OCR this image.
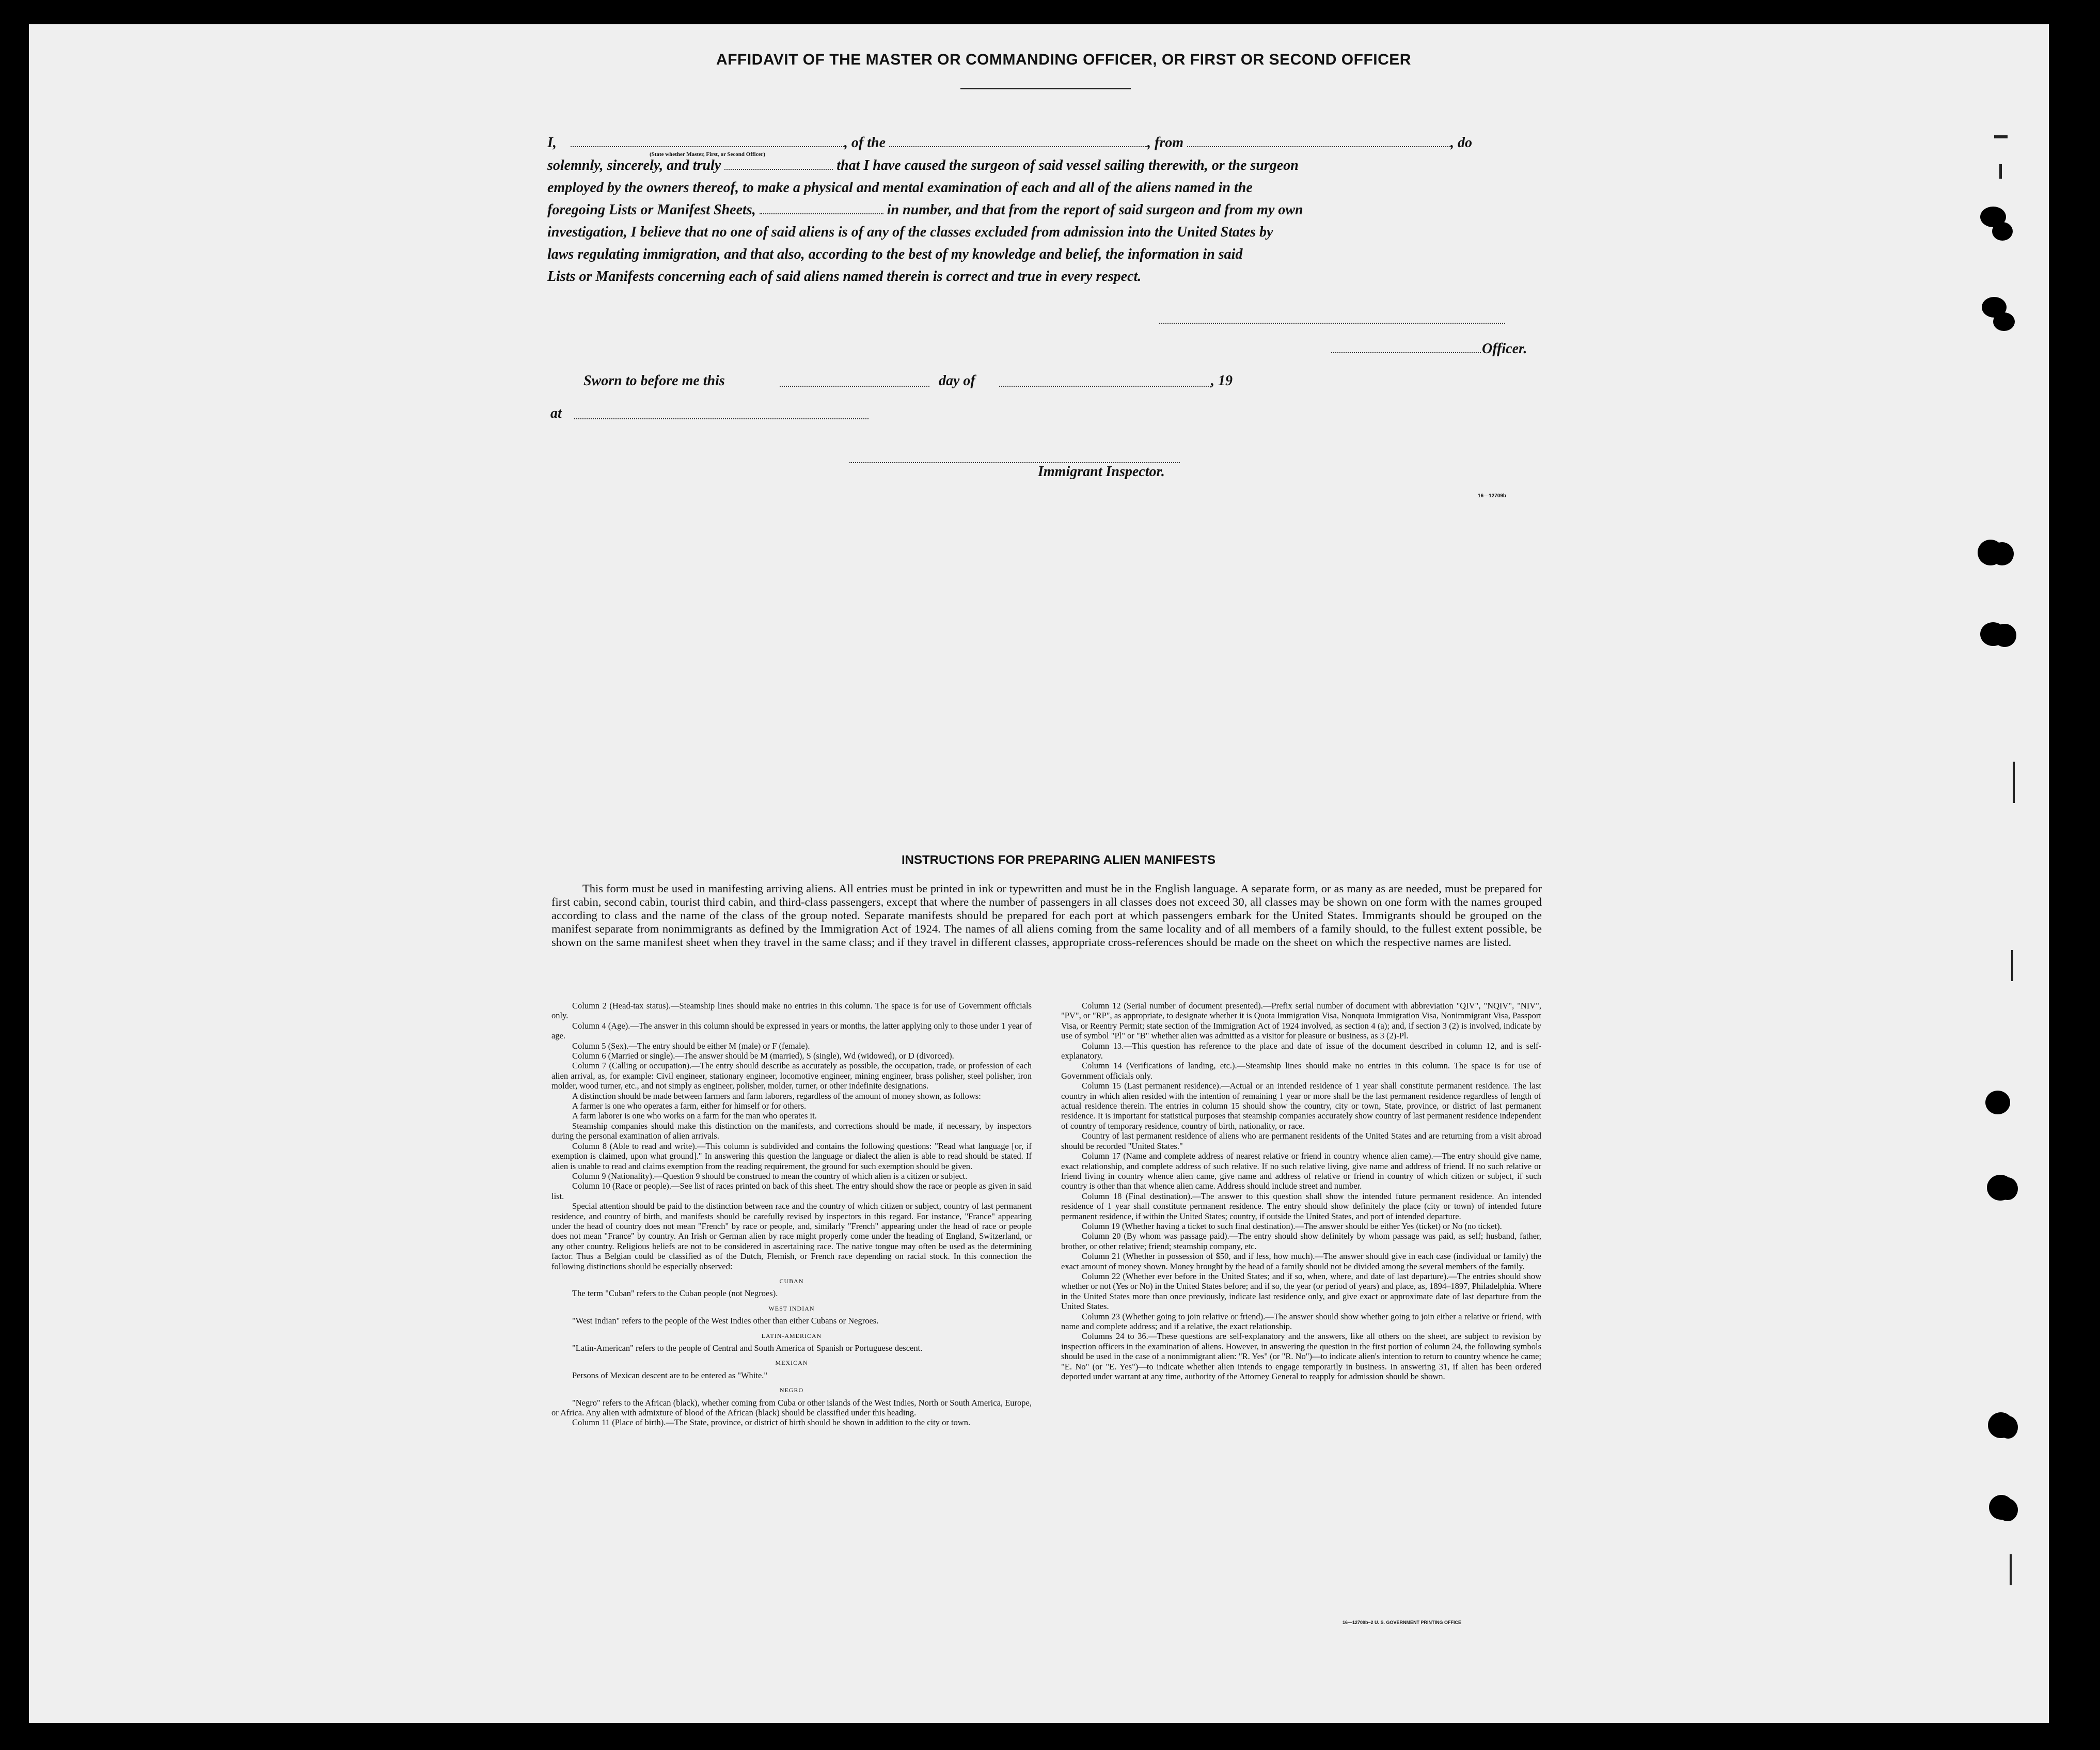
AFFIDAVIT OF THE MASTER OR COMMANDING OFFICER, OR FIRST OR SECOND OFFICER
I,	, of the	, from	, do
(State whether Master, First, or Second Officer)
solemnly, sincerely, and truly	that I have caused the surgeon of said vessel sailing therewith, or the surgeon
employed by the owners thereof, to make a physical and mental examination of each and all of the aliens named in the
foregoing Lists or Manifest Sheets,	in number, and that from the report of said surgeon and from my own
investigation, I believe that no one of said aliens is of any of the classes excluded from admission into the United States by
laws regulating immigration, and that also, according to the best of my knowledge and belief, the information in said
Lists or Manifests concerning each of said aliens named therein is correct and true in every respect.
Officer.
Sworn to before me this	day of	, 19
at
Immigrant Inspector.
16—12709b
INSTRUCTIONS FOR PREPARING ALIEN MANIFESTS
This form must be used in manifesting arriving aliens. All entries must be printed in ink or typewritten and must be in the English language. A separate form, or as many as are needed, must be prepared for first cabin, second cabin, tourist third cabin, and third-class passengers, except that where the number of passengers in all classes does not exceed 30, all classes may be shown on one form with the names grouped according to class and the name of the class of the group noted. Separate manifests should be prepared for each port at which passengers embark for the United States. Immigrants should be grouped on the manifest separate from nonimmigrants as defined by the Immigration Act of 1924. The names of all aliens coming from the same locality and of all members of a family should, to the fullest extent possible, be shown on the same manifest sheet when they travel in the same class; and if they travel in different classes, appropriate cross-references should be made on the sheet on which the respective names are listed.

Column 2 (Head-tax status).—Steamship lines should make no entries in this column. The space is for use of Government officials only.

Column 4 (Age).—The answer in this column should be expressed in years or months, the latter applying only to those under 1 year of age.

Column 5 (Sex).—The entry should be either M (male) or F (female).

Column 6 (Married or single).—The answer should be M (married), S (single), Wd (widowed), or D (divorced).

Column 7 (Calling or occupation).—The entry should describe as accurately as possible, the occupation, trade, or profession of each alien arrival, as, for example: Civil engineer, stationary engineer, locomotive engineer, mining engineer, brass polisher, steel polisher, iron molder, wood turner, etc., and not simply as engineer, polisher, molder, turner, or other indefinite designations.

A distinction should be made between farmers and farm laborers, regardless of the amount of money shown, as follows:

A farmer is one who operates a farm, either for himself or for others.

A farm laborer is one who works on a farm for the man who operates it.

Steamship companies should make this distinction on the manifests, and corrections should be made, if necessary, by inspectors during the personal examination of alien arrivals.

Column 8 (Able to read and write).—This column is subdivided and contains the following questions: "Read what language [or, if exemption is claimed, upon what ground]." In answering this question the language or dialect the alien is able to read should be stated. If alien is unable to read and claims exemption from the reading requirement, the ground for such exemption should be given.

Column 9 (Nationality).—Question 9 should be construed to mean the country of which alien is a citizen or subject.

Column 10 (Race or people).—See list of races printed on back of this sheet. The entry should show the race or people as given in said list.

Special attention should be paid to the distinction between race and the country of which citizen or subject, country of last permanent residence, and country of birth, and manifests should be carefully revised by inspectors in this regard. For instance, "France" appearing under the head of country does not mean "French" by race or people, and, similarly "French" appearing under the head of race or people does not mean "France" by country. An Irish or German alien by race might properly come under the heading of England, Switzerland, or any other country. Religious beliefs are not to be considered in ascertaining race. The native tongue may often be used as the determining factor. Thus a Belgian could be classified as of the Dutch, Flemish, or French race depending on racial stock. In this connection the following distinctions should be especially observed:

CUBAN

The term "Cuban" refers to the Cuban people (not Negroes).

WEST INDIAN

"West Indian" refers to the people of the West Indies other than either Cubans or Negroes.

LATIN-AMERICAN

"Latin-American" refers to the people of Central and South America of Spanish or Portuguese descent.

MEXICAN

Persons of Mexican descent are to be entered as "White."

NEGRO

"Negro" refers to the African (black), whether coming from Cuba or other islands of the West Indies, North or South America, Europe, or Africa. Any alien with admixture of blood of the African (black) should be classified under this heading.

Column 11 (Place of birth).—The State, province, or district of birth should be shown in addition to the city or town.

Column 12 (Serial number of document presented).—Prefix serial number of document with abbreviation "QIV", "NQIV", "NIV", "PV", or "RP", as appropriate, to designate whether it is Quota Immigration Visa, Nonquota Immigration Visa, Nonimmigrant Visa, Passport Visa, or Reentry Permit; state section of the Immigration Act of 1924 involved, as section 4 (a); and, if section 3 (2) is involved, indicate by use of symbol "Pl" or "B" whether alien was admitted as a visitor for pleasure or business, as 3 (2)-Pl.

Column 13.—This question has reference to the place and date of issue of the document described in column 12, and is self-explanatory.

Column 14 (Verifications of landing, etc.).—Steamship lines should make no entries in this column. The space is for use of Government officials only.

Column 15 (Last permanent residence).—Actual or an intended residence of 1 year shall constitute permanent residence. The last country in which alien resided with the intention of remaining 1 year or more shall be the last permanent residence regardless of length of actual residence therein. The entries in column 15 should show the country, city or town, State, province, or district of last permanent residence. It is important for statistical purposes that steamship companies accurately show country of last permanent residence independent of country of temporary residence, country of birth, nationality, or race.

Country of last permanent residence of aliens who are permanent residents of the United States and are returning from a visit abroad should be recorded "United States."

Column 17 (Name and complete address of nearest relative or friend in country whence alien came).—The entry should give name, exact relationship, and complete address of such relative. If no such relative living, give name and address of friend. If no such relative or friend living in country whence alien came, give name and address of relative or friend in country of which citizen or subject, if such country is other than that whence alien came. Address should include street and number.

Column 18 (Final destination).—The answer to this question shall show the intended future permanent residence. An intended residence of 1 year shall constitute permanent residence. The entry should show definitely the place (city or town) of intended future permanent residence, if within the United States; country, if outside the United States, and port of intended departure.

Column 19 (Whether having a ticket to such final destination).—The answer should be either Yes (ticket) or No (no ticket).

Column 20 (By whom was passage paid).—The entry should show definitely by whom passage was paid, as self; husband, father, brother, or other relative; friend; steamship company, etc.

Column 21 (Whether in possession of $50, and if less, how much).—The answer should give in each case (individual or family) the exact amount of money shown. Money brought by the head of a family should not be divided among the several members of the family.

Column 22 (Whether ever before in the United States; and if so, when, where, and date of last departure).—The entries should show whether or not (Yes or No) in the United States before; and if so, the year (or period of years) and place, as, 1894–1897, Philadelphia. Where in the United States more than once previously, indicate last residence only, and give exact or approximate date of last departure from the United States.

Column 23 (Whether going to join relative or friend).—The answer should show whether going to join either a relative or friend, with name and complete address; and if a relative, the exact relationship.

Columns 24 to 36.—These questions are self-explanatory and the answers, like all others on the sheet, are subject to revision by inspection officers in the examination of aliens. However, in answering the question in the first portion of column 24, the following symbols should be used in the case of a nonimmigrant alien: "R. Yes" (or "R. No")—to indicate alien's intention to return to country whence he came; "E. No" (or "E. Yes")—to indicate whether alien intends to engage temporarily in business. In answering 31, if alien has been ordered deported under warrant at any time, authority of the Attorney General to reapply for admission should be shown.

16—12709b–2 U. S. GOVERNMENT PRINTING OFFICE
